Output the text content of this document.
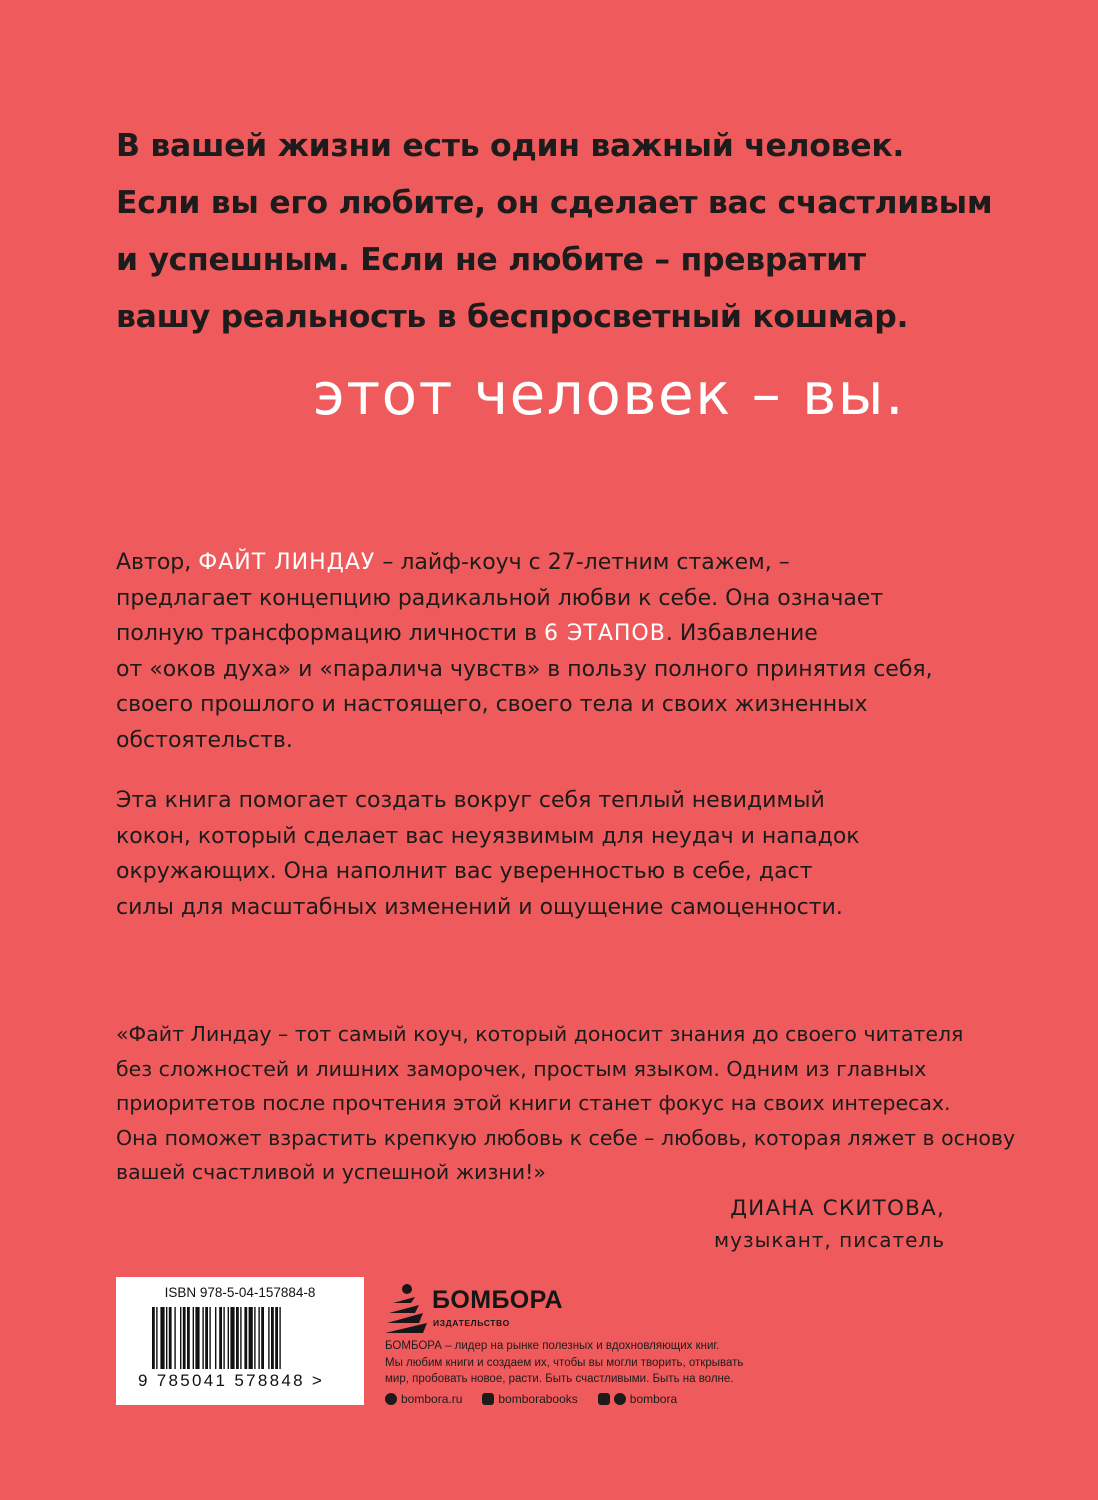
В вашей жизни есть один важный человек.
Если вы его любите, он сделает вас счастливым
и успешным. Если не любите – превратит
вашу реальность в беспросветный кошмар.
этот человек – вы.
Автор, ФАЙТ ЛИНДАУ – лайф-коуч с 27-летним стажем, –
предлагает концепцию радикальной любви к себе. Она означает
полную трансформацию личности в 6 ЭТАПОВ. Избавление
от «оков духа» и «паралича чувств» в пользу полного принятия себя,
своего прошлого и настоящего, своего тела и своих жизненных
обстоятельств.
Эта книга помогает создать вокруг себя теплый невидимый
кокон, который сделает вас неуязвимым для неудач и нападок
окружающих. Она наполнит вас уверенностью в себе, даст
силы для масштабных изменений и ощущение самоценности.
«Файт Линдау – тот самый коуч, который доносит знания до своего читателя
без сложностей и лишних заморочек, простым языком. Одним из главных
приоритетов после прочтения этой книги станет фокус на своих интересах.
Она поможет взрастить крепкую любовь к себе – любовь, которая ляжет в основу
вашей счастливой и успешной жизни!»
ДИАНА СКИТОВА,
музыкант, писатель
ISBN 978-5-04-157884-8
9 785041 578848 >
БОМБОРА
ИЗДАТЕЛЬСТВО
БОМБОРА – лидер на рынке полезных и вдохновляющих книг.
Мы любим книги и создаем их, чтобы вы могли творить, открывать
мир, пробовать новое, расти. Быть счастливыми. Быть на волне.
bombora.ru	bomborabooks	bombora
